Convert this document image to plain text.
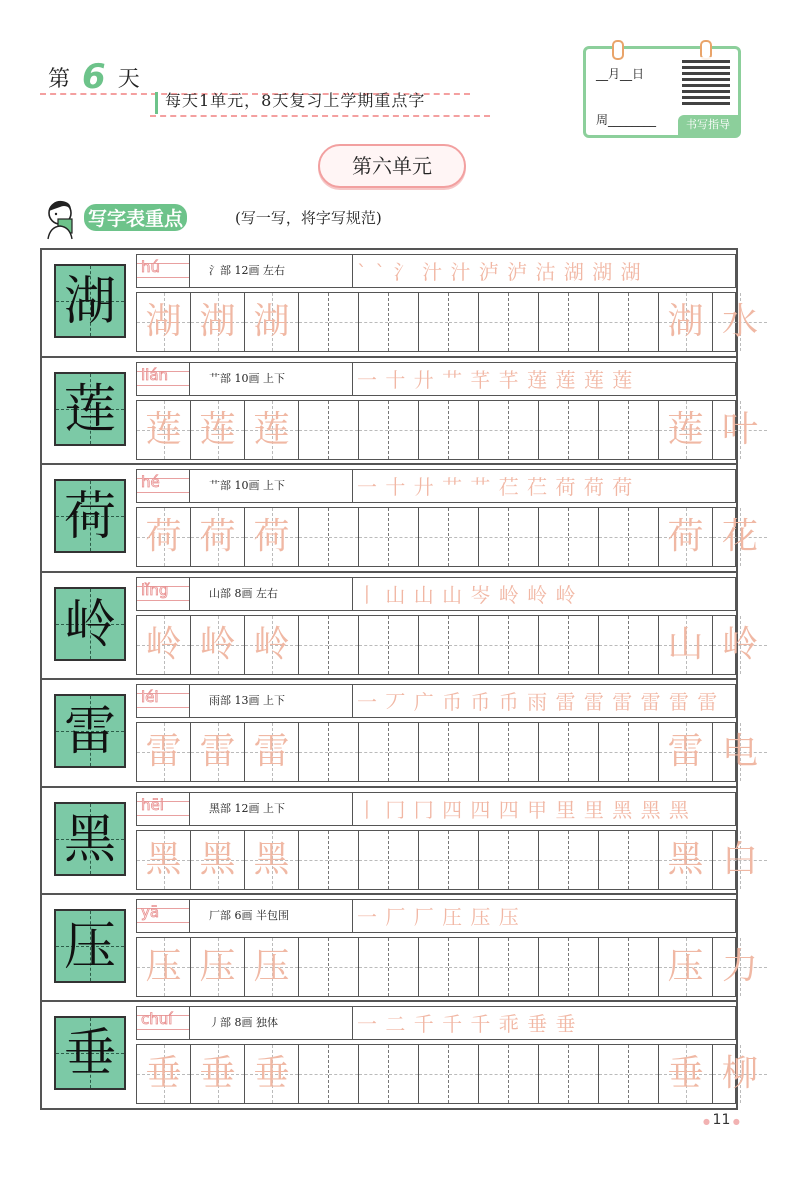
第 6 天
每天1单元，8天复习上学期重点字
__月__日
周________	书写指导
第六单元
写字表重点	(写一写，将字写规范)
湖
hú	氵部 12画 左右	` ` 氵 汁 汁 泸 泸 沽 湖 湖 湖
湖 湖 湖	湖 水
莲
lián	艹部 10画 上下	一 十 廾 艹 芊 芊 莲 莲 莲 莲
莲 莲 莲	莲 叶
荷
hé	艹部 10画 上下	一 十 廾 艹 艹 芢 芢 荷 荷 荷
荷 荷 荷	荷 花
岭
lǐng	山部 8画 左右	丨 山 山 山 岑 岭 岭 岭
岭 岭 岭	山 岭
雷
léi	雨部 13画 上下	一 丆 广 币 币 币 雨 雷 雷 雷 雷 雷 雷
雷 雷 雷	雷 电
黑
hēi	黑部 12画 上下	丨 冂 冂 四 四 四 甲 里 里 黑 黑 黑
黑 黑 黑	黑 白
压
yā	厂部 6画 半包围	一 厂 厂 圧 压 压
压 压 压	压 力
垂
chuí	丿部 8画 独体	一 二 千 千 千 乖 垂 垂
垂 垂 垂	垂 柳
● 11 ●
